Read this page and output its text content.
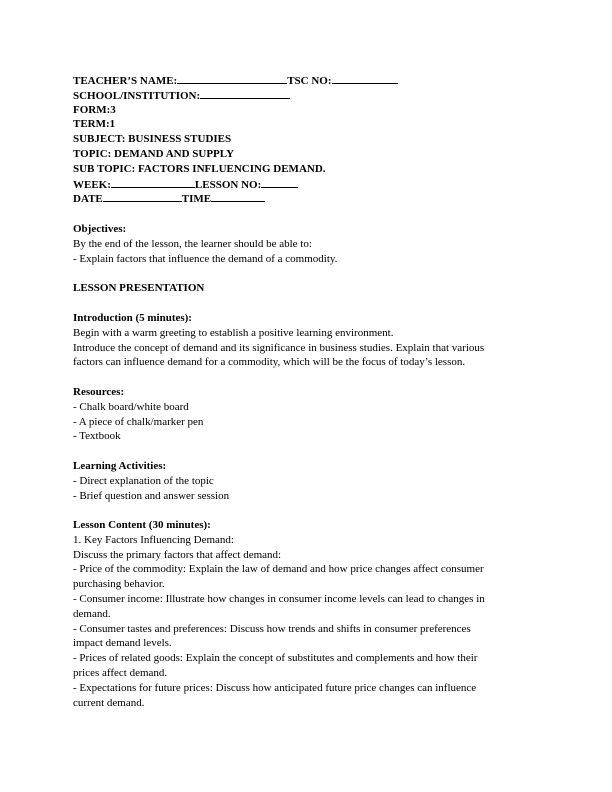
TEACHER’S NAME:	TSC NO:
SCHOOL/INSTITUTION:
FORM:3
TERM:1
SUBJECT: BUSINESS STUDIES
TOPIC: DEMAND AND SUPPLY
SUB TOPIC: FACTORS INFLUENCING DEMAND.
WEEK:	LESSON NO:
DATE	TIME
Objectives:
By the end of the lesson, the learner should be able to:
- Explain factors that influence the demand of a commodity.
LESSON PRESENTATION
Introduction (5 minutes):
Begin with a warm greeting to establish a positive learning environment.
Introduce the concept of demand and its significance in business studies. Explain that various
factors can influence demand for a commodity, which will be the focus of today’s lesson.
Resources:
- Chalk board/white board
- A piece of chalk/marker pen
- Textbook
Learning Activities:
- Direct explanation of the topic
- Brief question and answer session
Lesson Content (30 minutes):
1. Key Factors Influencing Demand:
Discuss the primary factors that affect demand:
- Price of the commodity: Explain the law of demand and how price changes affect consumer
purchasing behavior.
- Consumer income: Illustrate how changes in consumer income levels can lead to changes in
demand.
- Consumer tastes and preferences: Discuss how trends and shifts in consumer preferences
impact demand levels.
- Prices of related goods: Explain the concept of substitutes and complements and how their
prices affect demand.
- Expectations for future prices: Discuss how anticipated future price changes can influence
current demand.
